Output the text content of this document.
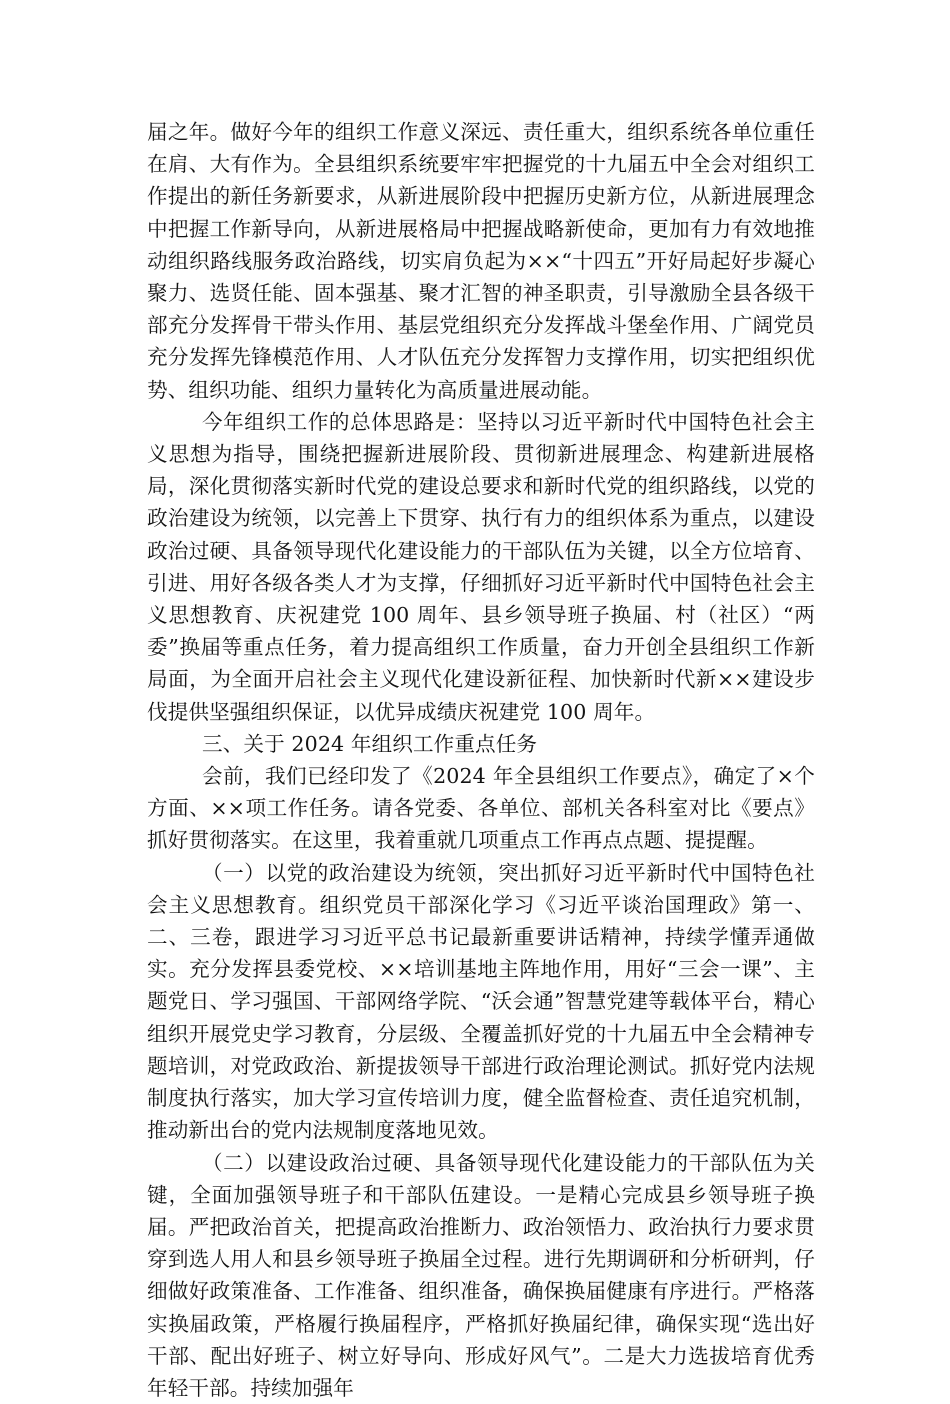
届之年。做好今年的组织工作意义深远、责任重大，组织系统各单位重任在肩、大有作为。全县组织系统要牢牢把握党的十九届五中全会对组织工作提出的新任务新要求，从新进展阶段中把握历史新方位，从新进展理念中把握工作新导向，从新进展格局中把握战略新使命，更加有力有效地推动组织路线服务政治路线，切实肩负起为××“十四五”开好局起好步凝心聚力、选贤任能、固本强基、聚才汇智的神圣职责，引导激励全县各级干部充分发挥骨干带头作用、基层党组织充分发挥战斗堡垒作用、广阔党员充分发挥先锋模范作用、人才队伍充分发挥智力支撑作用，切实把组织优势、组织功能、组织力量转化为高质量进展动能。

今年组织工作的总体思路是：坚持以习近平新时代中国特色社会主义思想为指导，围绕把握新进展阶段、贯彻新进展理念、构建新进展格局，深化贯彻落实新时代党的建设总要求和新时代党的组织路线，以党的政治建设为统领，以完善上下贯穿、执行有力的组织体系为重点，以建设政治过硬、具备领导现代化建设能力的干部队伍为关键，以全方位培育、引进、用好各级各类人才为支撑，仔细抓好习近平新时代中国特色社会主义思想教育、庆祝建党 100 周年、县乡领导班子换届、村（社区）“两委”换届等重点任务，着力提高组织工作质量，奋力开创全县组织工作新局面，为全面开启社会主义现代化建设新征程、加快新时代新××建设步伐提供坚强组织保证，以优异成绩庆祝建党 100 周年。

三、关于 2024 年组织工作重点任务

会前，我们已经印发了《2024 年全县组织工作要点》，确定了×个方面、××项工作任务。请各党委、各单位、部机关各科室对比《要点》抓好贯彻落实。在这里，我着重就几项重点工作再点点题、提提醒。

（一）以党的政治建设为统领，突出抓好习近平新时代中国特色社会主义思想教育。组织党员干部深化学习《习近平谈治国理政》第一、二、三卷，跟进学习习近平总书记最新重要讲话精神，持续学懂弄通做实。充分发挥县委党校、××培训基地主阵地作用，用好“三会一课”、主题党日、学习强国、干部网络学院、“沃会通”智慧党建等载体平台，精心组织开展党史学习教育，分层级、全覆盖抓好党的十九届五中全会精神专题培训，对党政政治、新提拔领导干部进行政治理论测试。抓好党内法规制度执行落实，加大学习宣传培训力度，健全监督检查、责任追究机制，推动新出台的党内法规制度落地见效。

（二）以建设政治过硬、具备领导现代化建设能力的干部队伍为关键，全面加强领导班子和干部队伍建设。一是精心完成县乡领导班子换届。严把政治首关，把提高政治推断力、政治领悟力、政治执行力要求贯穿到选人用人和县乡领导班子换届全过程。进行先期调研和分析研判，仔细做好政策准备、工作准备、组织准备，确保换届健康有序进行。严格落实换届政策，严格履行换届程序，严格抓好换届纪律，确保实现“选出好干部、配出好班子、树立好导向、形成好风气”。二是大力选拔培育优秀年轻干部。持续加强年
